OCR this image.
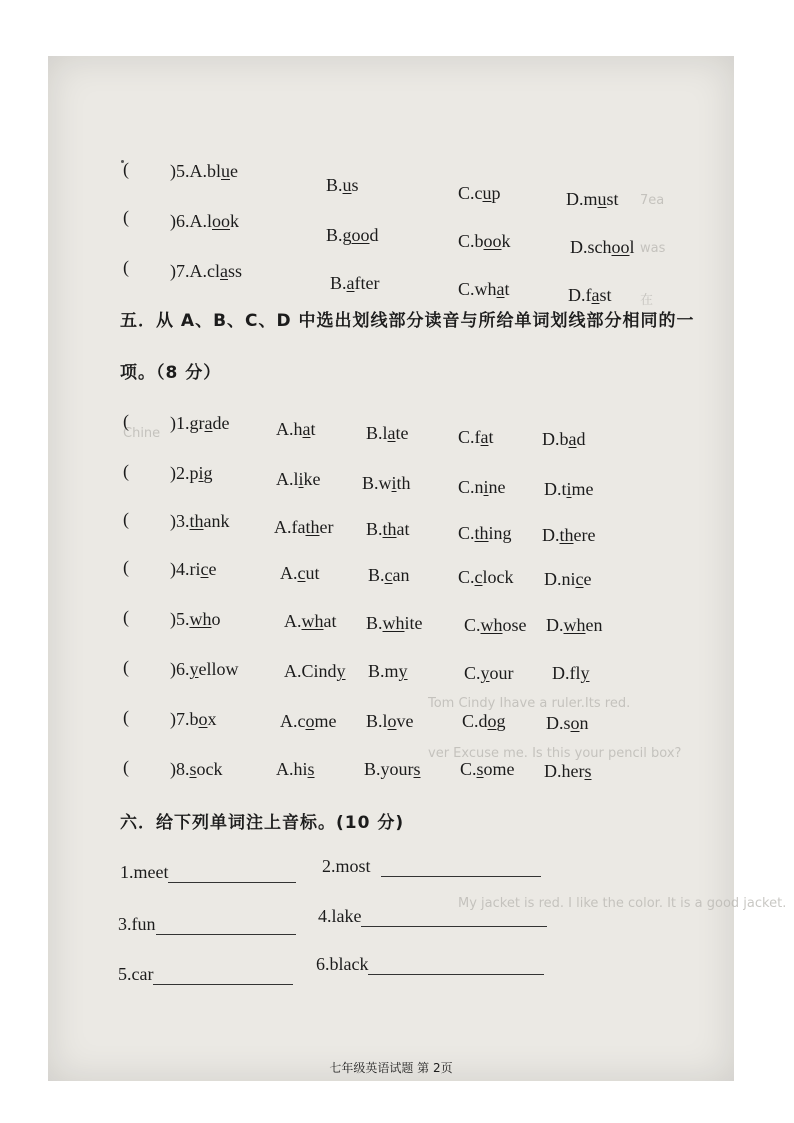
7ea
was
在
Chine
Tom Cindy Ihave a ruler.Its red.
ver Excuse me. Is this your pencil box?
My jacket is red. I like the color. It is a good jacket.
( )5.A.blue
B.us	C.cup	D.must
( )6.A.look
B.good	C.book	D.school
( )7.A.class
B.after	C.what	D.fast
五．从 A、B、C、D 中选出划线部分读音与所给单词划线部分相同的一
项。（8 分）
( )1.grade	A.hat	B.late	C.fat	D.bad
( )2.pig	A.like B.with	C.nine D.time
( )3.thank A.father B.that	C.thing D.there
( )4.rice	A.cut	B.can	C.clock D.nice
( )5.who	A.what B.white C.whose D.when
( )6.yellow	A.Cindy B.my	C.your D.fly
( )7.box	A.come B.love	C.dog D.son
( )8.sock	A.his	B.yours C.some D.hers
六．给下列单词注上音标。(10 分)
1.meet	2.most
3.fun	4.lake
5.car	6.black
七年级英语试题 第 2页
